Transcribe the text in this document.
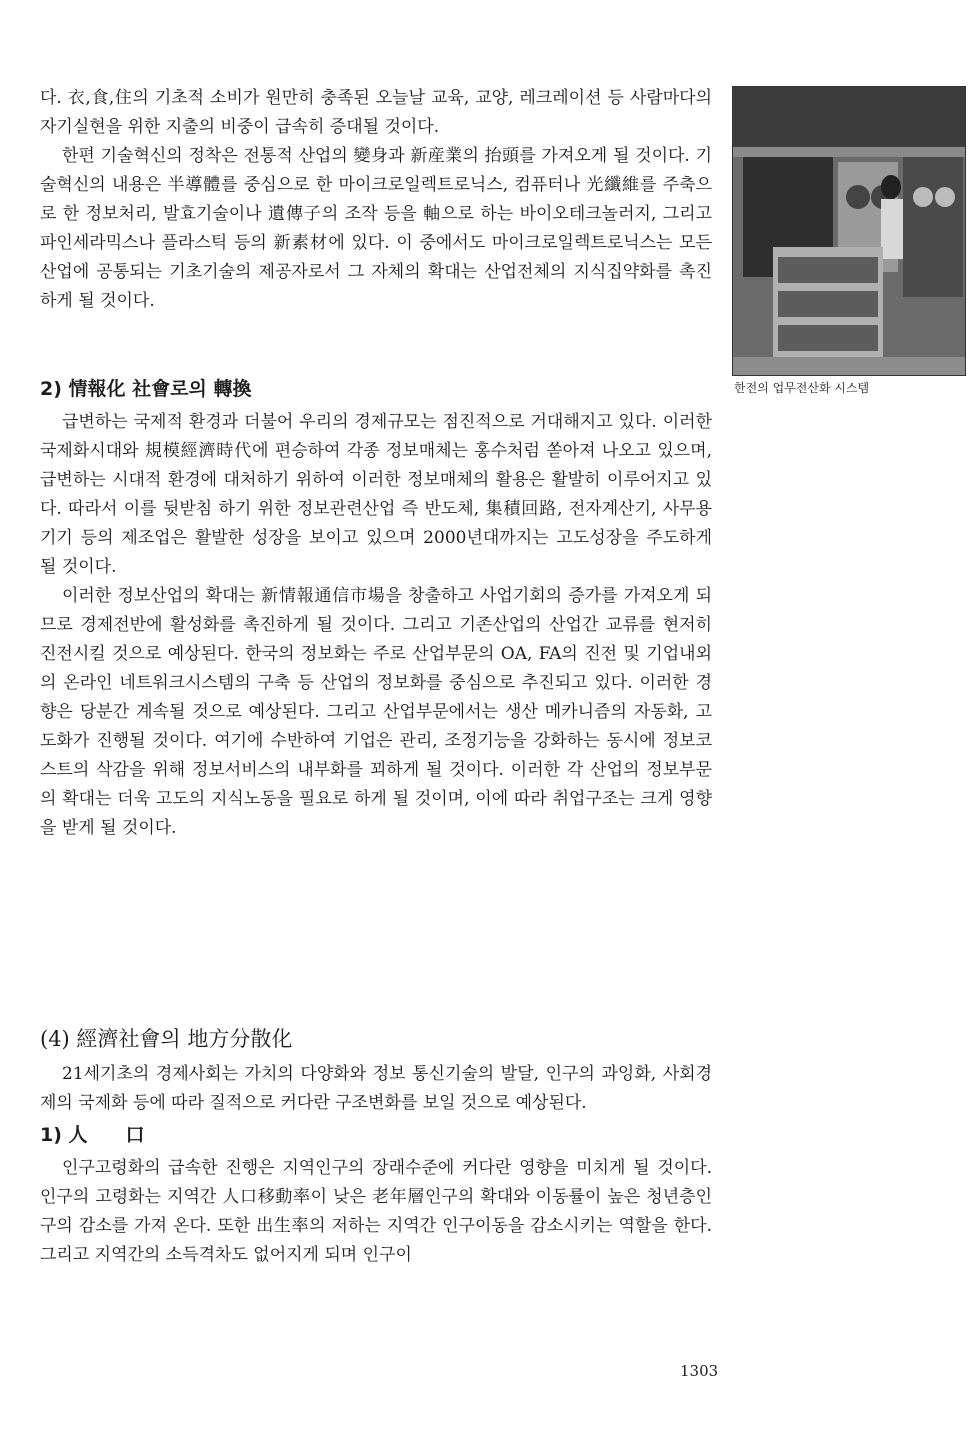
다. 衣,食,住의 기초적 소비가 원만히 충족된 오늘날 교육, 교양, 레크레이션 등 사람마다의 자기실현을 위한 지출의 비중이 급속히 증대될 것이다.

한편 기술혁신의 정착은 전통적 산업의 變身과 新産業의 抬頭를 가져오게 될 것이다. 기술혁신의 내용은 半導體를 중심으로 한 마이크로일렉트로닉스, 컴퓨터나 光纖維를 주축으로 한 정보처리, 발효기술이나 遺傳子의 조작 등을 軸으로 하는 바이오테크놀러지, 그리고 파인세라믹스나 플라스틱 등의 新素材에 있다. 이 중에서도 마이크로일렉트로닉스는 모든 산업에 공통되는 기초기술의 제공자로서 그 자체의 확대는 산업전체의 지식집약화를 촉진하게 될 것이다.

한전의 업무전산화 시스템
2) 情報化 社會로의 轉換

급변하는 국제적 환경과 더불어 우리의 경제규모는 점진적으로 거대해지고 있다. 이러한 국제화시대와 規模經濟時代에 편승하여 각종 정보매체는 홍수처럼 쏟아져 나오고 있으며, 급변하는 시대적 환경에 대처하기 위하여 이러한 정보매체의 활용은 활발히 이루어지고 있다. 따라서 이를 뒷받침 하기 위한 정보관련산업 즉 반도체, 集積回路, 전자계산기, 사무용기기 등의 제조업은 활발한 성장을 보이고 있으며 2000년대까지는 고도성장을 주도하게 될 것이다.

이러한 정보산업의 확대는 新情報通信市場을 창출하고 사업기회의 증가를 가져오게 되므로 경제전반에 활성화를 촉진하게 될 것이다. 그리고 기존산업의 산업간 교류를 현저히 진전시킬 것으로 예상된다. 한국의 정보화는 주로 산업부문의 OA, FA의 진전 및 기업내외의 온라인 네트워크시스템의 구축 등 산업의 정보화를 중심으로 추진되고 있다. 이러한 경향은 당분간 계속될 것으로 예상된다. 그리고 산업부문에서는 생산 메카니즘의 자동화, 고도화가 진행될 것이다. 여기에 수반하여 기업은 관리, 조정기능을 강화하는 동시에 정보코스트의 삭감을 위해 정보서비스의 내부화를 꾀하게 될 것이다. 이러한 각 산업의 정보부문의 확대는 더욱 고도의 지식노동을 필요로 하게 될 것이며, 이에 따라 취업구조는 크게 영향을 받게 될 것이다.

(4) 經濟社會의 地方分散化

21세기초의 경제사회는 가치의 다양화와 정보 통신기술의 발달, 인구의 과잉화, 사회경제의 국제화 등에 따라 질적으로 커다란 구조변화를 보일 것으로 예상된다.

1) 人　　口

인구고령화의 급속한 진행은 지역인구의 장래수준에 커다란 영향을 미치게 될 것이다. 인구의 고령화는 지역간 人口移動率이 낮은 老年層인구의 확대와 이동률이 높은 청년층인구의 감소를 가져 온다. 또한 出生率의 저하는 지역간 인구이동을 감소시키는 역할을 한다. 그리고 지역간의 소득격차도 없어지게 되며 인구이

1303
